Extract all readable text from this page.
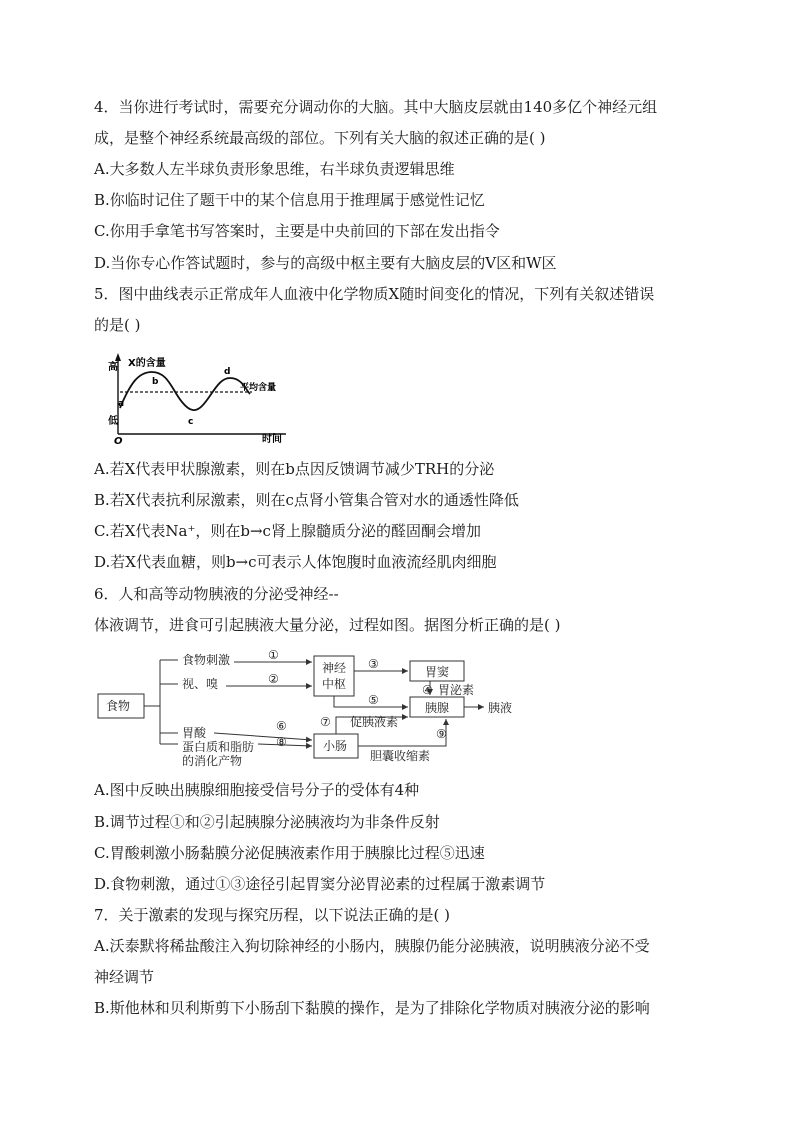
4．当你进行考试时，需要充分调动你的大脑。其中大脑皮层就由140多亿个神经元组
成，是整个神经系统最高级的部位。下列有关大脑的叙述正确的是( )
A.大多数人左半球负责形象思维，右半球负责逻辑思维
B.你临时记住了题干中的某个信息用于推理属于感觉性记忆
C.你用手拿笔书写答案时，主要是中央前回的下部在发出指令
D.当你专心作答试题时，参与的高级中枢主要有大脑皮层的V区和W区
5．图中曲线表示正常成年人血液中化学物质X随时间变化的情况，下列有关叙述错误
的是( )
高
低
X的含量
时间
O
平均含量
a
b
c
d
A.若X代表甲状腺激素，则在b点因反馈调节减少TRH的分泌
B.若X代表抗利尿激素，则在c点肾小管集合管对水的通透性降低
C.若X代表Na⁺，则在b→c肾上腺髓质分泌的醛固酮会增加
D.若X代表血糖，则b→c可表示人体饱腹时血液流经肌肉细胞
6．人和高等动物胰液的分泌受神经--
体液调节，进食可引起胰液大量分泌，过程如图。据图分析正确的是( )
食物
食物刺激
视、嗅
胃酸
蛋白质和脂肪
的消化产物
神经
中枢
胃窦
胰腺
小肠
胰液
胃泌素
促胰液素
胆囊收缩素
①
②
③
④
⑤
⑥	⑦
⑧
⑨
A.图中反映出胰腺细胞接受信号分子的受体有4种
B.调节过程①和②引起胰腺分泌胰液均为非条件反射
C.胃酸刺激小肠黏膜分泌促胰液素作用于胰腺比过程⑤迅速
D.食物刺激，通过①③途径引起胃窦分泌胃泌素的过程属于激素调节
7．关于激素的发现与探究历程，以下说法正确的是( )
A.沃泰默将稀盐酸注入狗切除神经的小肠内，胰腺仍能分泌胰液，说明胰液分泌不受
神经调节
B.斯他林和贝利斯剪下小肠刮下黏膜的操作，是为了排除化学物质对胰液分泌的影响
